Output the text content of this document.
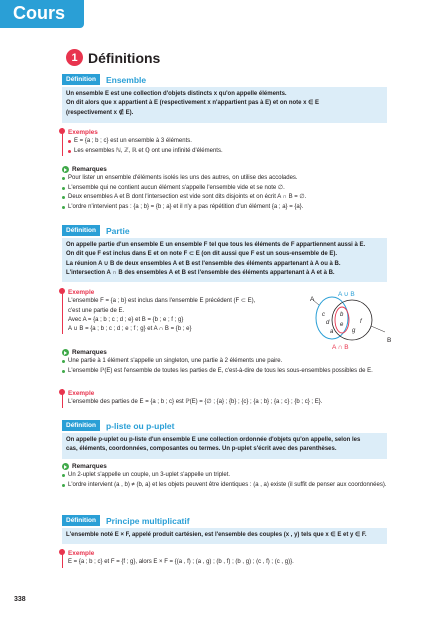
Cours
1 Définitions
Définition	Ensemble

Un ensemble E est une collection d'objets distincts x qu'on appelle éléments.

On dit alors que x appartient à E (respectivement x n'appartient pas à E) et on note x ∈ E

(respectivement x ∉ E).

Exemples
E = {a ; b ; c} est un ensemble à 3 éléments.
Les ensembles ℕ, ℤ, ℝ et ℚ ont une infinité d'éléments.
Remarques
Pour lister un ensemble d'éléments isolés les uns des autres, on utilise des accolades.
L'ensemble qui ne contient aucun élément s'appelle l'ensemble vide et se note ∅.
Deux ensembles A et B dont l'intersection est vide sont dits disjoints et on écrit A ∩ B = ∅.
L'ordre n'intervient pas : {a ; b} = {b ; a} et il n'y a pas répétition d'un élément {a ; a} = {a}.
Définition	Partie

On appelle partie d'un ensemble E un ensemble F tel que tous les éléments de F appartiennent aussi à E.

On dit que F est inclus dans E et on note F ⊂ E (on dit aussi que F est un sous-ensemble de E).

La réunion A ∪ B de deux ensembles A et B est l'ensemble des éléments appartenant à A ou à B.

L'intersection A ∩ B des ensembles A et B est l'ensemble des éléments appartenant à A et à B.

Exemple
L'ensemble F = {a ; b} est inclus dans l'ensemble E précédent (F ⊂ E),
c'est une partie de E.
Avec A = {a ; b ; c ; d ; e} et B = {b ; e ; f ; g}
A ∪ B = {a ; b ; c ; d ; e ; f ; g} et A ∩ B = {b ; e}
A
B
A ∪ B
A ∩ B
c	b
d e	f
g
a
Remarques
Une partie à 1 élément s'appelle un singleton, une partie à 2 éléments une paire.
L'ensemble ℙ(E) est l'ensemble de toutes les parties de E, c'est-à-dire de tous les sous-ensembles possibles de E.
Exemple
L'ensemble des parties de E = {a ; b ; c} est ℙ(E) = {∅ ; {a} ; {b} ; {c} ; {a ; b} ; {a ; c} ; {b ; c} ; E}.
Définition	p-liste ou p-uplet

On appelle p-uplet ou p-liste d'un ensemble E une collection ordonnée d'objets qu'on appelle, selon les

cas, éléments, coordonnées, composantes ou termes. Un p-uplet s'écrit avec des parenthèses.

Remarques
Un 2-uplet s'appelle un couple, un 3-uplet s'appelle un triplet.
L'ordre intervient (a , b) ≠ (b, a) et les objets peuvent être identiques : (a , a) existe (il suffit de penser aux coordonnées).
Définition	Principe multiplicatif

L'ensemble noté E × F, appelé produit cartésien, est l'ensemble des couples (x , y) tels que x ∈ E et y ∈ F.

Exemple
E = {a ; b ; c} et F = {f ; g}, alors E × F = {(a , f) ; (a , g) ; (b , f) ; (b , g) ; (c , f) ; (c , g)}.
338
